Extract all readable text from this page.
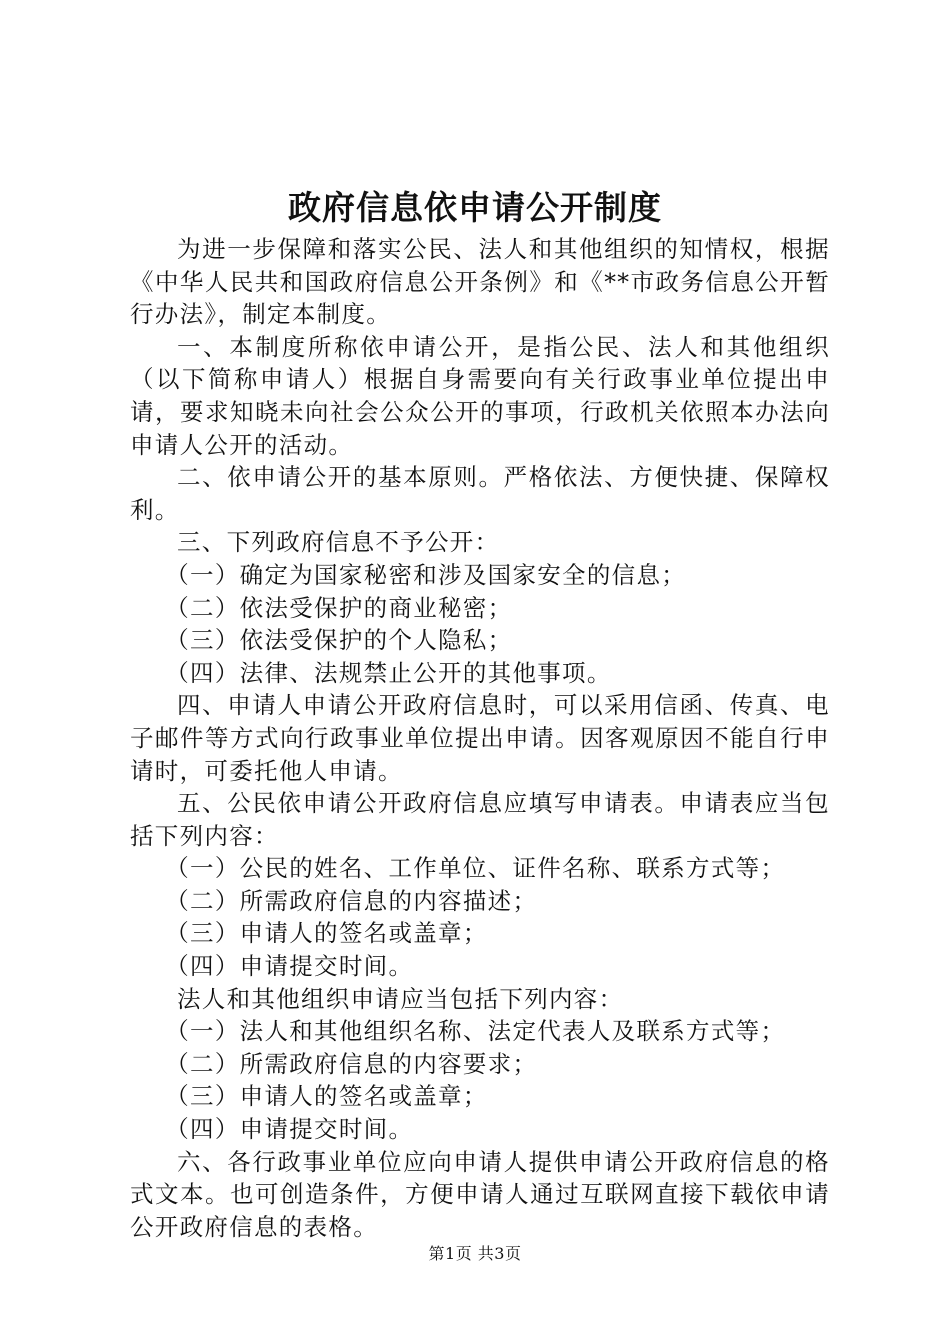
政府信息依申请公开制度

为进一步保障和落实公民、法人和其他组织的知情权，根据《中华人民共和国政府信息公开条例》和《**市政务信息公开暂行办法》，制定本制度。

一、本制度所称依申请公开，是指公民、法人和其他组织（以下简称申请人）根据自身需要向有关行政事业单位提出申请，要求知晓未向社会公众公开的事项，行政机关依照本办法向申请人公开的活动。

二、依申请公开的基本原则。严格依法、方便快捷、保障权利。

三、下列政府信息不予公开：

（一）确定为国家秘密和涉及国家安全的信息；

（二）依法受保护的商业秘密；

（三）依法受保护的个人隐私；

（四）法律、法规禁止公开的其他事项。

四、申请人申请公开政府信息时，可以采用信函、传真、电子邮件等方式向行政事业单位提出申请。因客观原因不能自行申请时，可委托他人申请。

五、公民依申请公开政府信息应填写申请表。申请表应当包括下列内容：

（一）公民的姓名、工作单位、证件名称、联系方式等；

（二）所需政府信息的内容描述；

（三）申请人的签名或盖章；

（四）申请提交时间。

法人和其他组织申请应当包括下列内容：

（一）法人和其他组织名称、法定代表人及联系方式等；

（二）所需政府信息的内容要求；

（三）申请人的签名或盖章；

（四）申请提交时间。

六、各行政事业单位应向申请人提供申请公开政府信息的格式文本。也可创造条件，方便申请人通过互联网直接下载依申请公开政府信息的表格。

第1页 共3页
